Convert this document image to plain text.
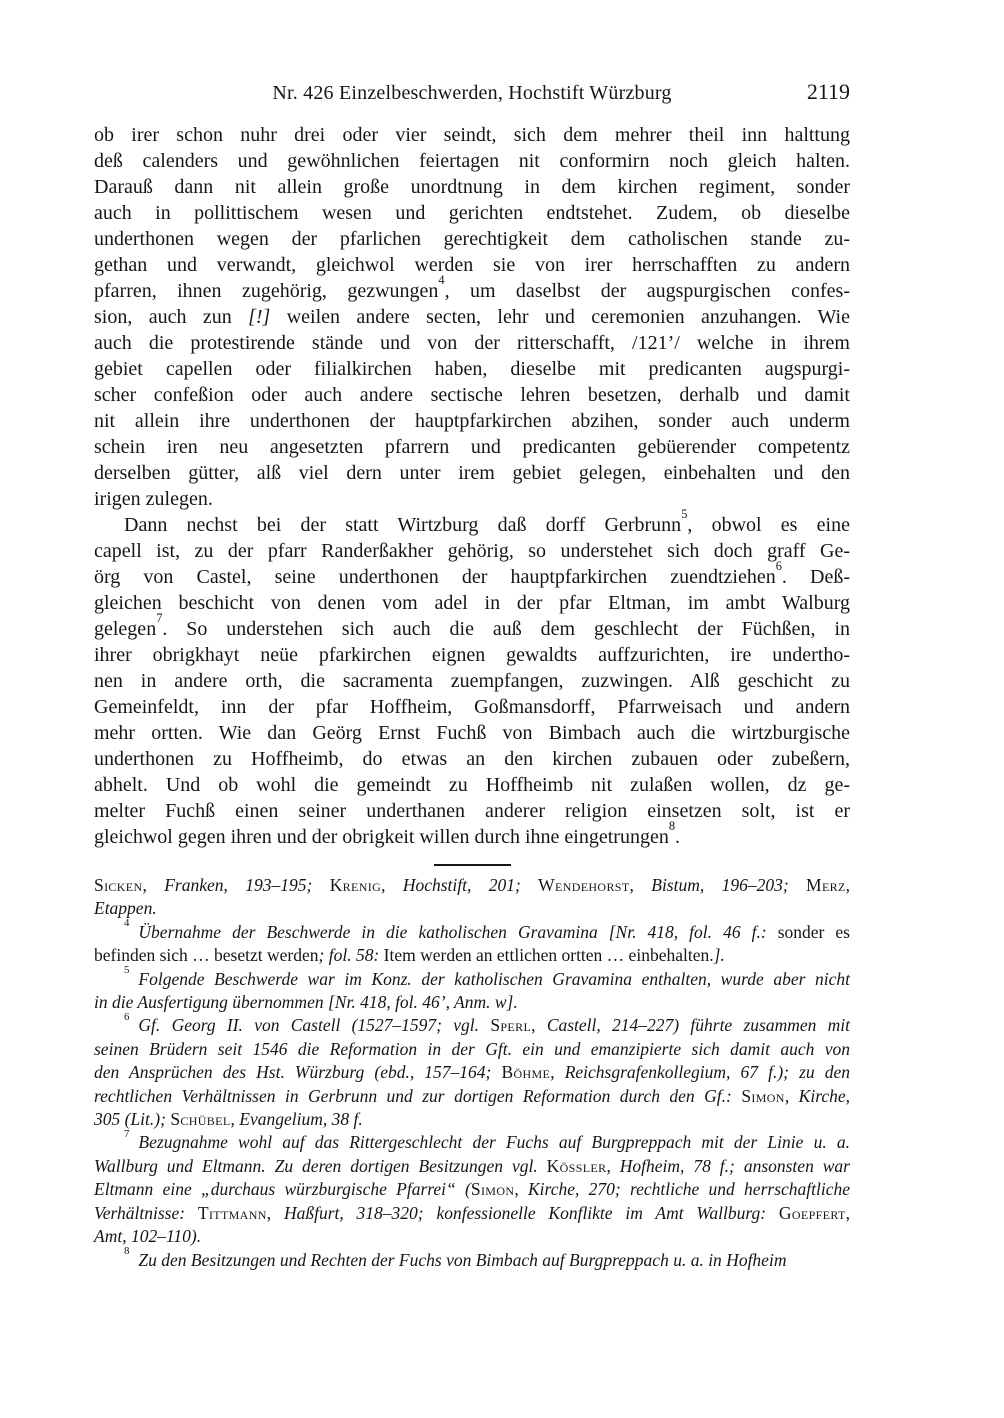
Nr. 426 Einzelbeschwerden, Hochstift Würzburg	2119
ob irer schon nuhr drei oder vier seindt, sich dem mehrer theil inn halttung
deß calenders und gewöhnlichen feiertagen nit conformirn noch gleich halten.
Darauß dann nit allein große unordtnung in dem kirchen regiment, sonder
auch in pollittischem wesen und gerichten endtstehet. Zudem, ob dieselbe
underthonen wegen der pfarlichen gerechtigkeit dem catholischen stande zu-
gethan und verwandt, gleichwol werden sie von irer herrschafften zu andern
pfarren, ihnen zugehörig, gezwungen$^4$, um daselbst der augspurgischen confes-
sion, auch zun [!] weilen andere secten, lehr und ceremonien anzuhangen. Wie
auch die protestirende stände und von der ritterschafft, /121’/ welche in ihrem
gebiet capellen oder filialkirchen haben, dieselbe mit predicanten augspurgi-
scher confeßion oder auch andere sectische lehren besetzen, derhalb und damit
nit allein ihre underthonen der hauptpfarkirchen abzihen, sonder auch underm
schein iren neu angesetzten pfarrern und predicanten gebüerender competentz
derselben gütter, alß viel dern unter irem gebiet gelegen, einbehalten und den
irigen zulegen.
Dann nechst bei der statt Wirtzburg daß dorff Gerbrunn$^5$, obwol es eine
capell ist, zu der pfarr Randerßakher gehörig, so understehet sich doch graff Ge-
örg von Castel, seine underthonen der hauptpfarkirchen zuendtziehen$^6$. Deß-
gleichen beschicht von denen vom adel in der pfar Eltman, im ambt Walburg
gelegen$^7$. So understehen sich auch die auß dem geschlecht der Füchßen, in
ihrer obrigkhayt neüe pfarkirchen eignen gewaldts auffzurichten, ire undertho-
nen in andere orth, die sacramenta zuempfangen, zuzwingen. Alß geschicht zu
Gemeinfeldt, inn der pfar Hoffheim, Goßmansdorff, Pfarrweisach und andern
mehr ortten. Wie dan Geörg Ernst Fuchß von Bimbach auch die wirtzburgische
underthonen zu Hoffheimb, do etwas an den kirchen zubauen oder zubeßern,
abhelt. Und ob wohl die gemeindt zu Hoffheimb nit zulaßen wollen, dz ge-
melter Fuchß einen seiner underthanen anderer religion einsetzen solt, ist er
gleichwol gegen ihren und der obrigkeit willen durch ihne eingetrungen$^8$.
Sicken, Franken, 193–195; Krenig, Hochstift, 201; Wendehorst, Bistum, 196–203; Merz,
Etappen.
$^4$ Übernahme der Beschwerde in die katholischen Gravamina [Nr. 418, fol. 46 f.: sonder es
befinden sich … besetzt werden; fol. 58: Item werden an ettlichen ortten … einbehalten.].
$^5$ Folgende Beschwerde war im Konz. der katholischen Gravamina enthalten, wurde aber nicht
in die Ausfertigung übernommen [Nr. 418, fol. 46’, Anm. w].
$^6$ Gf. Georg II. von Castell (1527–1597; vgl. Sperl, Castell, 214–227) führte zusammen mit
seinen Brüdern seit 1546 die Reformation in der Gft. ein und emanzipierte sich damit auch von
den Ansprüchen des Hst. Würzburg (ebd., 157–164; Böhme, Reichsgrafenkollegium, 67 f.); zu den
rechtlichen Verhältnissen in Gerbrunn und zur dortigen Reformation durch den Gf.: Simon, Kirche,
305 (Lit.); Schübel, Evangelium, 38 f.
$^7$ Bezugnahme wohl auf das Rittergeschlecht der Fuchs auf Burgpreppach mit der Linie u. a.
Wallburg und Eltmann. Zu deren dortigen Besitzungen vgl. Kössler, Hofheim, 78 f.; ansonsten war
Eltmann eine „durchaus würzburgische Pfarrei“ (Simon, Kirche, 270; rechtliche und herrschaftliche
Verhältnisse: Tittmann, Haßfurt, 318–320; konfessionelle Konflikte im Amt Wallburg: Goepfert,
Amt, 102–110).
$^8$ Zu den Besitzungen und Rechten der Fuchs von Bimbach auf Burgpreppach u. a. in Hofheim
